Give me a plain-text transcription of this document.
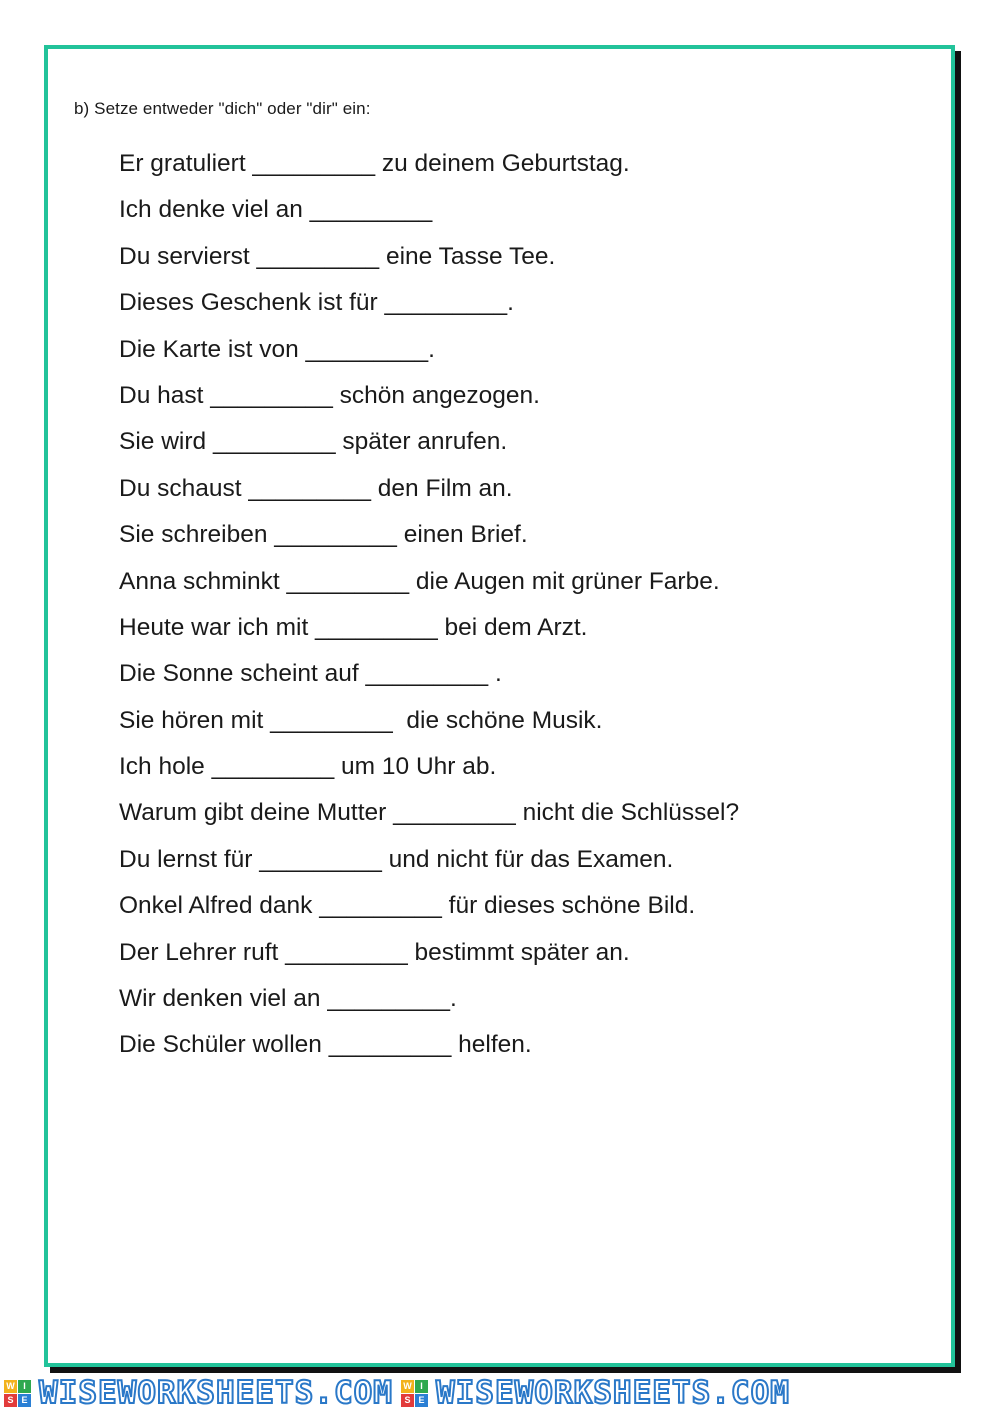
b) Setze entweder "dich" oder "dir" ein:
Er gratuliert _________ zu deinem Geburtstag.
Ich denke viel an _________
Du servierst _________ eine Tasse Tee.
Dieses Geschenk ist für _________.
Die Karte ist von _________.
Du hast _________ schön angezogen.
Sie wird _________ später anrufen.
Du schaust _________ den Film an.
Sie schreiben _________ einen Brief.
Anna schminkt _________ die Augen mit grüner Farbe.
Heute war ich mit _________ bei dem Arzt.
Die Sonne scheint auf _________ .
Sie hören mit _________  die schöne Musik.
Ich hole _________ um 10 Uhr ab.
Warum gibt deine Mutter _________ nicht die Schlüssel?
Du lernst für _________ und nicht für das Examen.
Onkel Alfred dank _________ für dieses schöne Bild.
Der Lehrer ruft _________ bestimmt später an.
Wir denken viel an _________.
Die Schüler wollen _________ helfen.
W I
S E WISEWORKSHEETS.COM W I
S E WISEWORKSHEETS.COM
